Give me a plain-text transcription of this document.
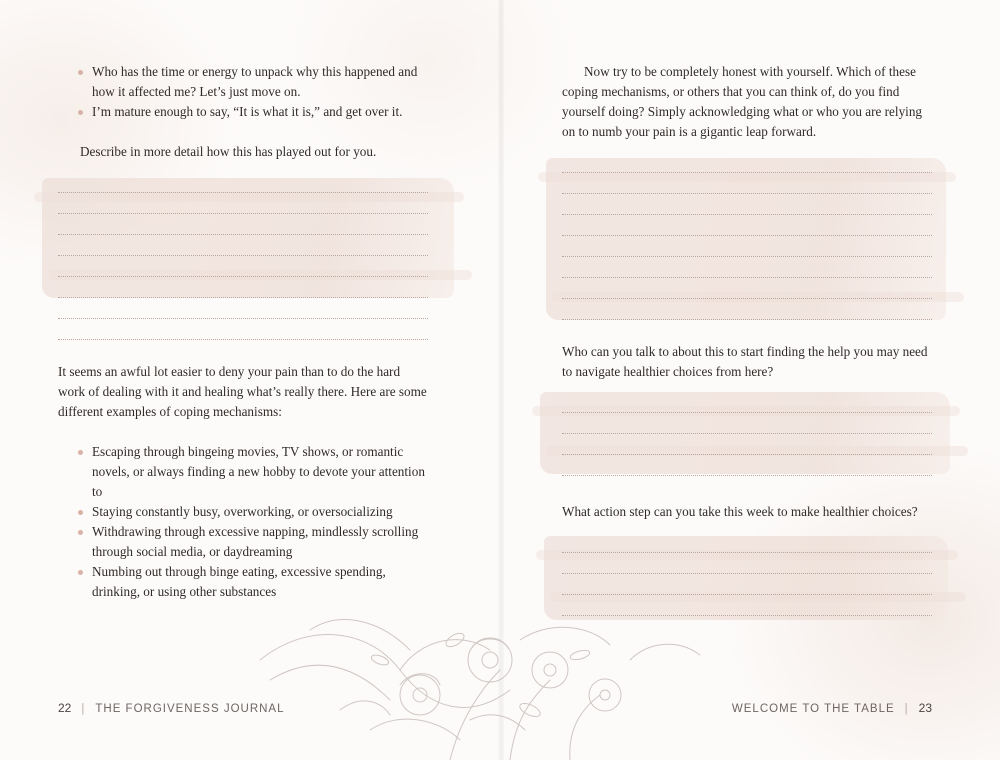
Who has the time or energy to unpack why this happened and how it affected me? Let’s just move on.
I’m mature enough to say, “It is what it is,” and get over it.

Describe in more detail how this has played out for you.

It seems an awful lot easier to deny your pain than to do the hard work of dealing with it and healing what’s really there. Here are some different examples of coping mechanisms:

Escaping through bingeing movies, TV shows, or romantic novels, or always finding a new hobby to devote your attention to
Staying constantly busy, overworking, or oversocializing
Withdrawing through excessive napping, mindlessly scrolling through social media, or daydreaming
Numbing out through binge eating, excessive spending, drinking, or using other substances
22 | THE FORGIVENESS JOURNAL

Now try to be completely honest with yourself. Which of these coping mechanisms, or others that you can think of, do you find yourself doing? Simply acknowledging what or who you are relying on to numb your pain is a gigantic leap forward.

Who can you talk to about this to start finding the help you may need to navigate healthier choices from here?

What action step can you take this week to make healthier choices?

WELCOME TO THE TABLE | 23
